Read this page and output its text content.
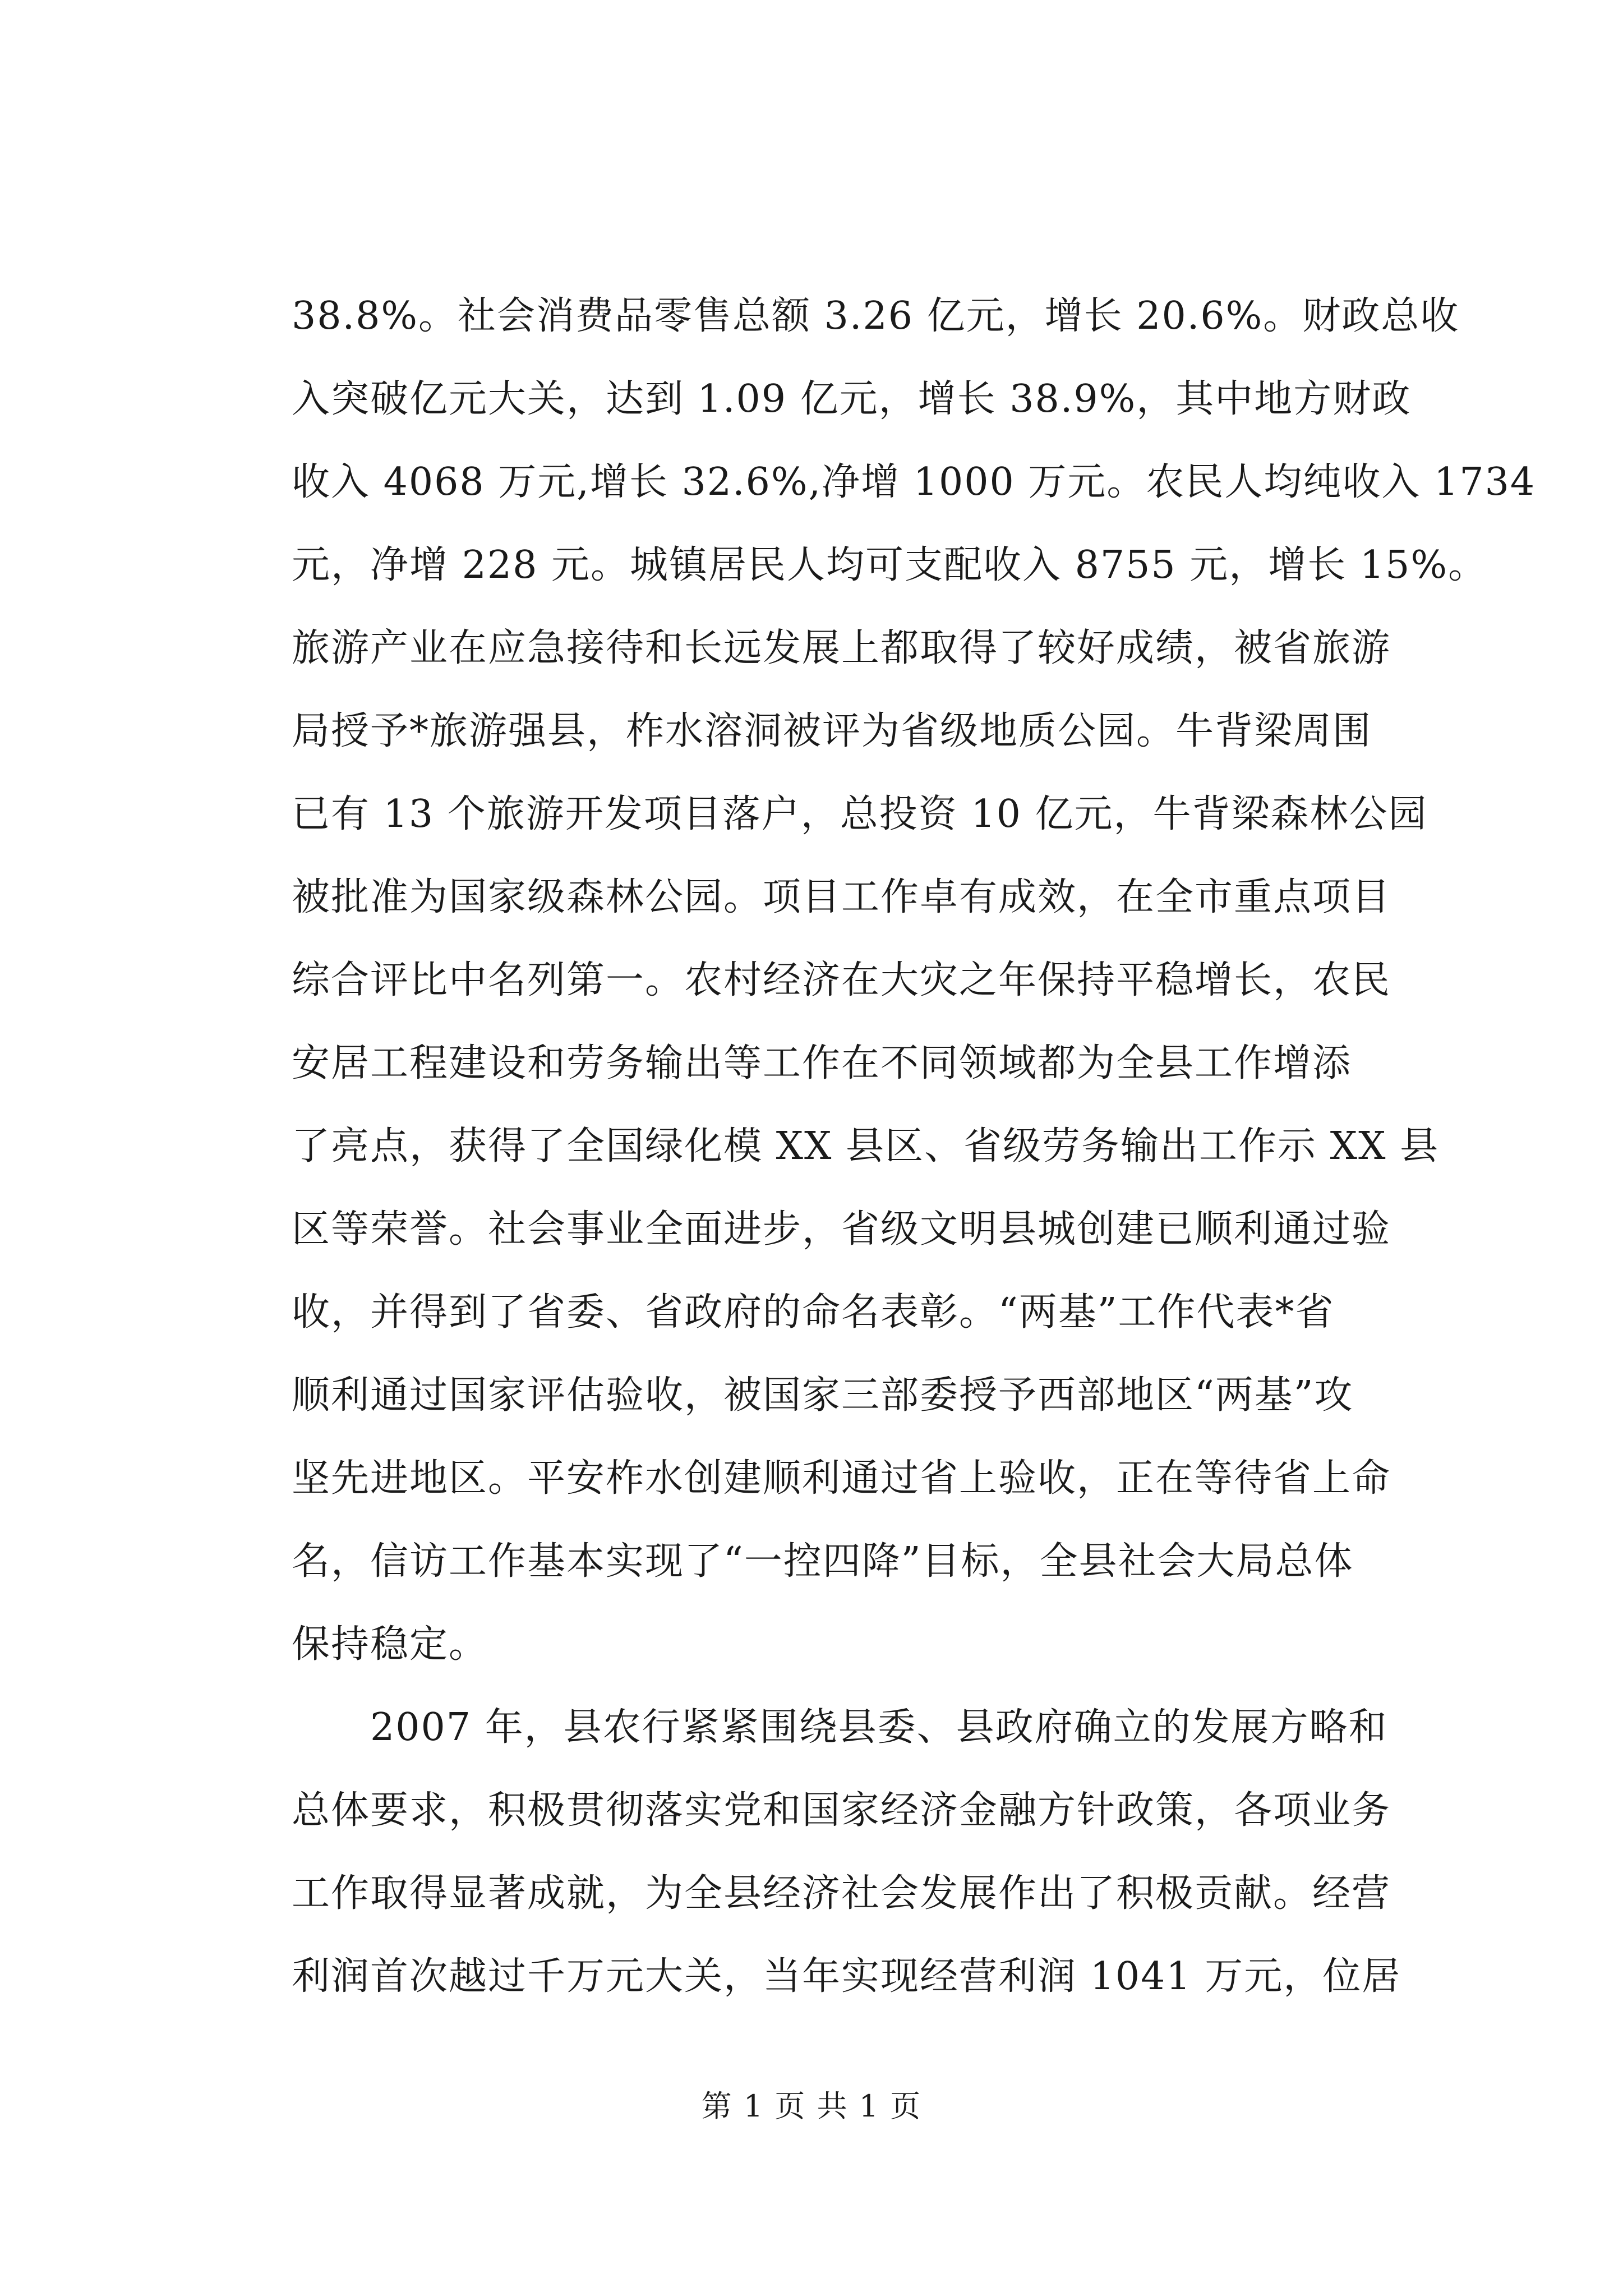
38.8%。社会消费品零售总额 3.26 亿元，增长 20.6%。财政总收
入突破亿元大关，达到 1.09 亿元，增长 38.9%，其中地方财政
收入 4068 万元,增长 32.6%,净增 1000 万元。农民人均纯收入 1734
元，净增 228 元。城镇居民人均可支配收入 8755 元，增长 15%。
旅游产业在应急接待和长远发展上都取得了较好成绩，被省旅游
局授予*旅游强县，柞水溶洞被评为省级地质公园。牛背梁周围
已有 13 个旅游开发项目落户，总投资 10 亿元，牛背梁森林公园
被批准为国家级森林公园。项目工作卓有成效，在全市重点项目
综合评比中名列第一。农村经济在大灾之年保持平稳增长，农民
安居工程建设和劳务输出等工作在不同领域都为全县工作增添
了亮点，获得了全国绿化模 XX 县区、省级劳务输出工作示 XX 县
区等荣誉。社会事业全面进步，省级文明县城创建已顺利通过验
收，并得到了省委、省政府的命名表彰。“两基”工作代表*省
顺利通过国家评估验收，被国家三部委授予西部地区“两基”攻
坚先进地区。平安柞水创建顺利通过省上验收，正在等待省上命
名，信访工作基本实现了“一控四降”目标，全县社会大局总体
保持稳定。
2007 年，县农行紧紧围绕县委、县政府确立的发展方略和
总体要求，积极贯彻落实党和国家经济金融方针政策，各项业务
工作取得显著成就，为全县经济社会发展作出了积极贡献。经营
利润首次越过千万元大关，当年实现经营利润 1041 万元，位居
第 1 页 共 1 页
